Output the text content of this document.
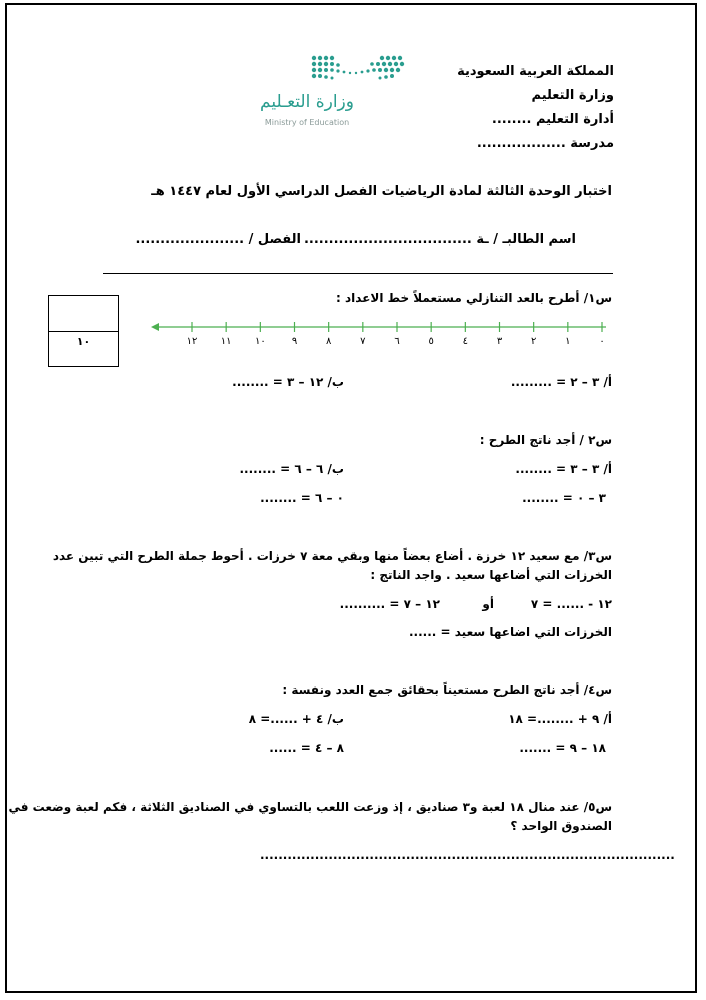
المملكة العربية السعودية
وزارة التعليم
أدارة التعليم ........
مدرسة ..................
وزارة التعـليم
Ministry of Education
اختبار الوحدة الثالثة لمادة الرياضيات الفصل الدراسي الأول لعام ١٤٤٧ هـ
اسم الطالبـ / ـة ..................................
الفصل / ......................
١٠
س١/ أطرح بالعد التنازلي مستعملاً خط الاعداد :
٠
١
٢
٣
٤
٥
٦
٧
٨
٩
١٠
١١
١٢
أ/ ٣ – ٢ = .........
ب/ ١٢ – ٣ = ........
س٢ / أجد ناتج الطرح :
أ/ ٣ – ٣ = ........
ب/ ٦ – ٦ = ........
٣ – ٠ = ........
٠ – ٦ = ........
س٣/ مع سعيد ١٢ خرزة . أضاع بعضاً منها وبقي معة ٧ خرزات . أحوط جملة الطرح التي تبين عدد
الخرزات التي أضاعها سعيد . واجد الناتج :
١٢ - ...... = ٧
أو
١٢ – ٧ = ..........
الخرزات التي اضاعها سعيد = ......
س٤/ أجد ناتج الطرح مستعيناً بحقائق جمع العدد ونفسة :
أ/ ٩ + ........= ١٨
ب/ ٤ + ......= ٨
١٨ – ٩ = .......
٨ – ٤ = ......
س٥/ عند منال ١٨ لعبة و٣ صناديق ، إذ وزعت اللعب بالتساوي في الصناديق الثلاثة ، فكم لعبة وضعت في
الصندوق الواحد ؟
...........................................................................................
